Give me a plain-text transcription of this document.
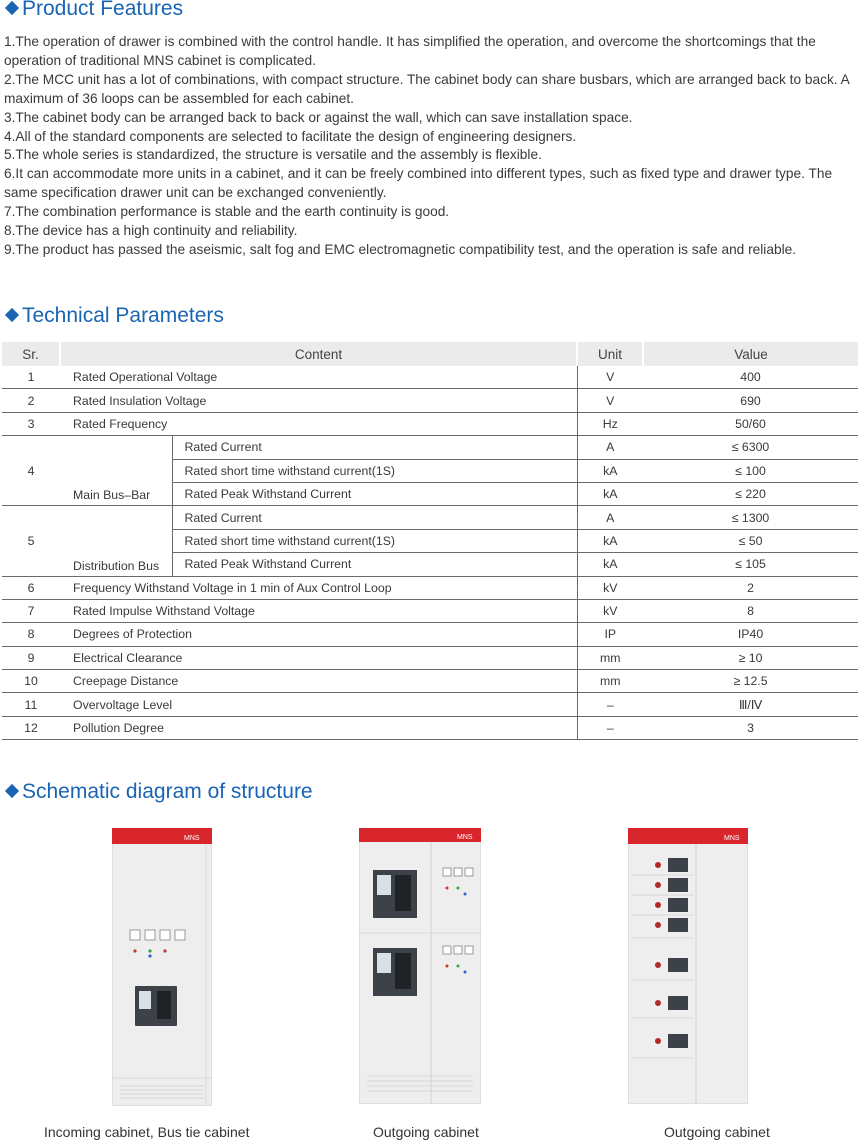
Product Features

1.The operation of drawer is combined with the control handle. It has simplified the operation, and overcome the shortcomings that the operation of traditional MNS cabinet is complicated.

2.The MCC unit has a lot of combinations, with compact structure. The cabinet body can share busbars, which are arranged back to back. A maximum of 36 loops can be assembled for each cabinet.

3.The cabinet body can be arranged back to back or against the wall, which can save installation space.

4.All of the standard components are selected to facilitate the design of engineering designers.

5.The whole series is standardized, the structure is versatile and the assembly is flexible.

6.It can accommodate more units in a cabinet, and it can be freely combined into different types, such as fixed type and drawer type. The same specification drawer unit can be exchanged conveniently.

7.The combination performance is stable and the earth continuity is good.

8.The device has a high continuity and reliability.

9.The product has passed the aseismic, salt fog and EMC electromagnetic compatibility test, and the operation is safe and reliable.

Technical Parameters
Sr.	Content		Unit	Value
1	Rated Operational Voltage		V	400
2	Rated Insulation Voltage		V	690
3	Rated Frequency		Hz	50/60
4	Main Bus–Bar	Rated Current	A	≤ 6300
		Rated short time withstand current(1S)	kA	≤ 100
		Rated Peak Withstand Current	kA	≤ 220
5	Distribution Bus	Rated Current	A	≤ 1300
		Rated short time withstand current(1S)	kA	≤ 50
		Rated Peak Withstand Current	kA	≤ 105
6	Frequency Withstand Voltage in 1 min of Aux Control Loop		kV	2
7	Rated Impulse Withstand Voltage		kV	8
8	Degrees of Protection		IP	IP40
9	Electrical Clearance		mm	≥ 10
10	Creepage Distance		mm	≥ 12.5
11	Overvoltage Level		–	Ⅲ/Ⅳ
12	Pollution Degree		–	3
Schematic diagram of structure
MNS	MNS	MNS
Incoming cabinet, Bus tie cabinet	Outgoing cabinet	Outgoing cabinet
